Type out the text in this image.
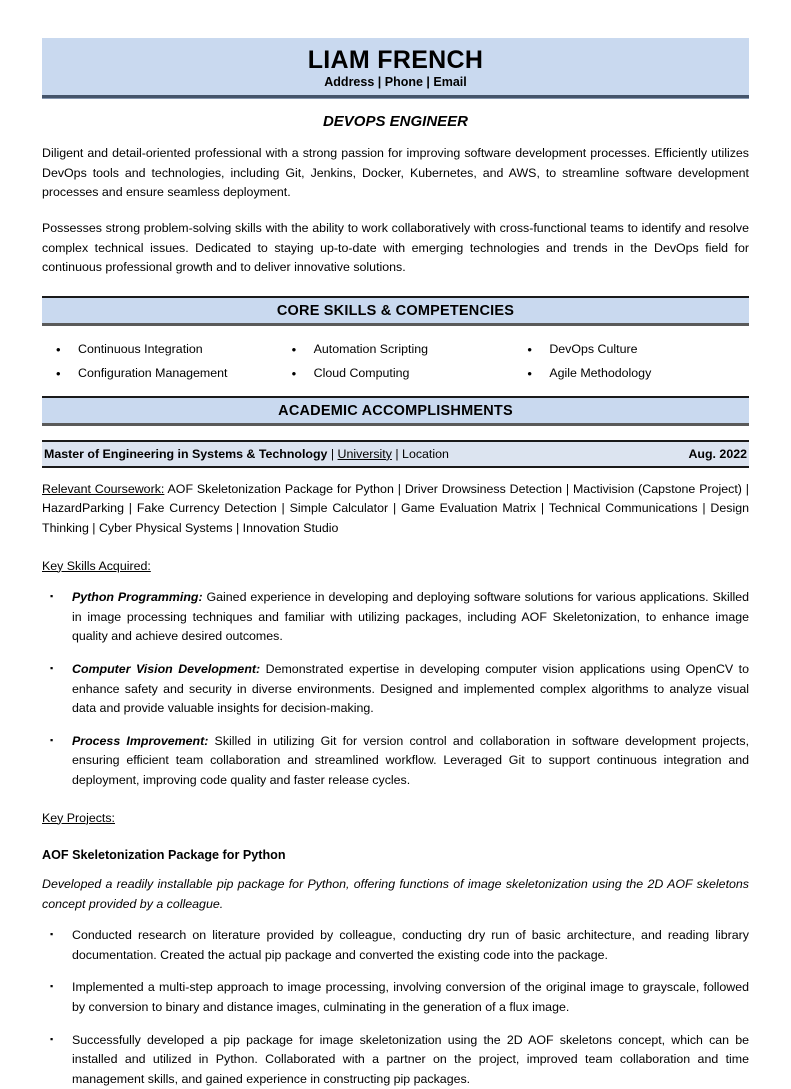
LIAM FRENCH
Address | Phone | Email
DEVOPS ENGINEER

Diligent and detail-oriented professional with a strong passion for improving software development processes. Efficiently utilizes DevOps tools and technologies, including Git, Jenkins, Docker, Kubernetes, and AWS, to streamline software development processes and ensure seamless deployment.

Possesses strong problem-solving skills with the ability to work collaboratively with cross-functional teams to identify and resolve complex technical issues. Dedicated to staying up-to-date with emerging technologies and trends in the DevOps field for continuous professional growth and to deliver innovative solutions.

CORE SKILLS & COMPETENCIES
•	Continuous Integration	•	Automation Scripting	•	DevOps Culture
•	Configuration Management	•	Cloud Computing	•	Agile Methodology
ACADEMIC ACCOMPLISHMENTS
Master of Engineering in Systems & Technology | University | Location	Aug. 2022
Relevant Coursework: AOF Skeletonization Package for Python | Driver Drowsiness Detection | Mactivision (Capstone Project) | HazardParking | Fake Currency Detection | Simple Calculator | Game Evaluation Matrix | Technical Communications | Design Thinking | Cyber Physical Systems | Innovation Studio
Key Skills Acquired:
▪	Python Programming: Gained experience in developing and deploying software solutions for various applications. Skilled in image processing techniques and familiar with utilizing packages, including AOF Skeletonization, to enhance image quality and achieve desired outcomes.
▪	Computer Vision Development: Demonstrated expertise in developing computer vision applications using OpenCV to enhance safety and security in diverse environments. Designed and implemented complex algorithms to analyze visual data and provide valuable insights for decision-making.
▪	Process Improvement: Skilled in utilizing Git for version control and collaboration in software development projects, ensuring efficient team collaboration and streamlined workflow. Leveraged Git to support continuous integration and deployment, improving code quality and faster release cycles.
Key Projects:
AOF Skeletonization Package for Python
Developed a readily installable pip package for Python, offering functions of image skeletonization using the 2D AOF skeletons concept provided by a colleague.
▪	Conducted research on literature provided by colleague, conducting dry run of basic architecture, and reading library documentation. Created the actual pip package and converted the existing code into the package.
▪	Implemented a multi-step approach to image processing, involving conversion of the original image to grayscale, followed by conversion to binary and distance images, culminating in the generation of a flux image.
▪	Successfully developed a pip package for image skeletonization using the 2D AOF skeletons concept, which can be installed and utilized in Python. Collaborated with a partner on the project, improved team collaboration and time management skills, and gained experience in constructing pip packages.
